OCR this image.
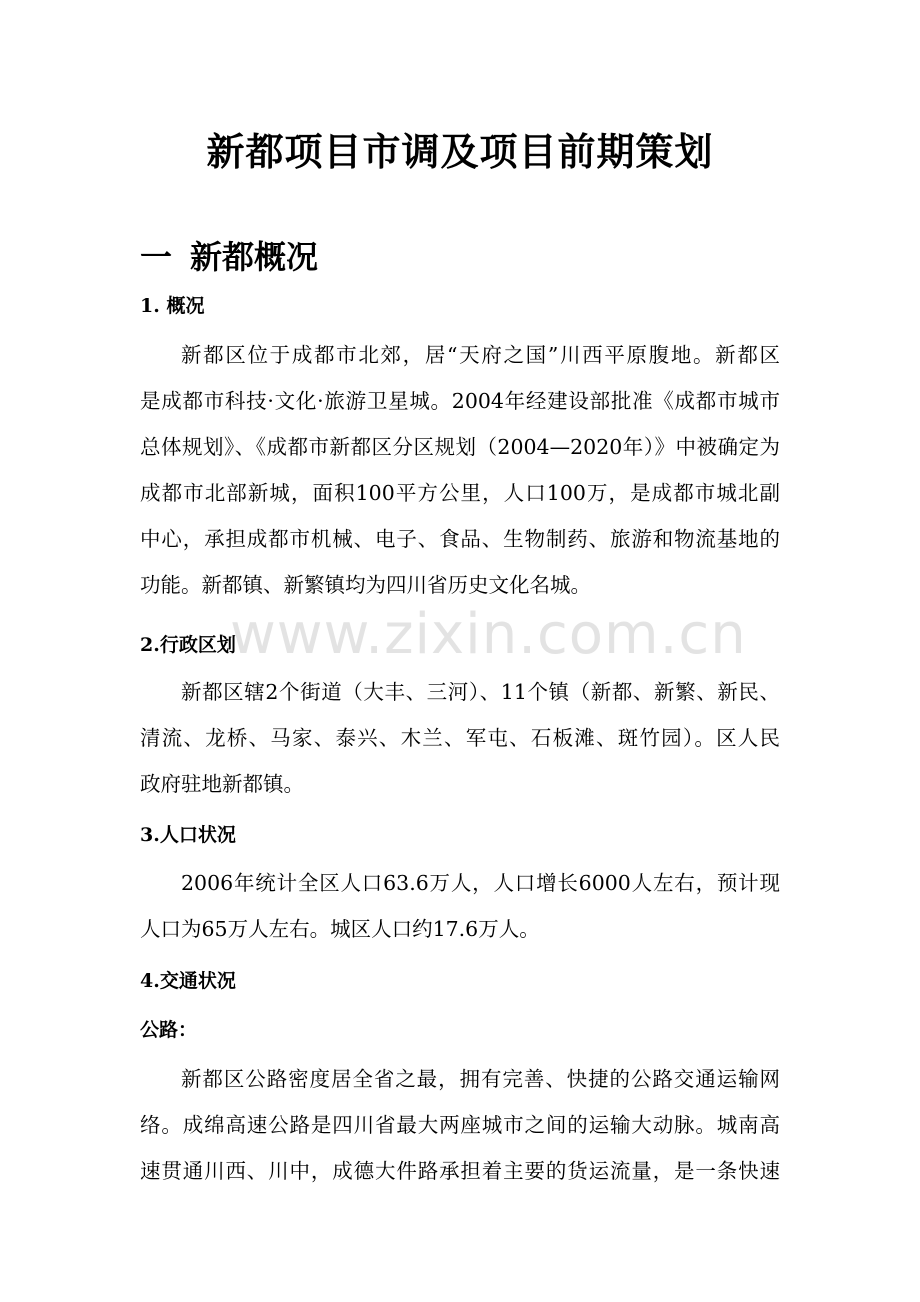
新都项目市调及项目前期策划
一 新都概况
1. 概况
新都区位于成都市北郊，居“天府之国”川西平原腹地。新都区
是成都市科技·文化·旅游卫星城。2004年经建设部批准《成都市城市
总体规划》、《成都市新都区分区规划（2004—2020年）》中被确定为
成都市北部新城，面积100平方公里，人口100万，是成都市城北副
中心，承担成都市机械、电子、食品、生物制药、旅游和物流基地的
功能。新都镇、新繁镇均为四川省历史文化名城。
2.行政区划
新都区辖2个街道（大丰、三河）、11个镇（新都、新繁、新民、
清流、龙桥、马家、泰兴、木兰、军屯、石板滩、斑竹园）。区人民
政府驻地新都镇。
3.人口状况
2006年统计全区人口63.6万人，人口增长6000人左右，预计现
人口为65万人左右。城区人口约17.6万人。
4.交通状况
公路：
新都区公路密度居全省之最，拥有完善、快捷的公路交通运输网
络。成绵高速公路是四川省最大两座城市之间的运输大动脉。城南高
速贯通川西、川中，成德大件路承担着主要的货运流量，是一条快速
www.zixin.com.cn
